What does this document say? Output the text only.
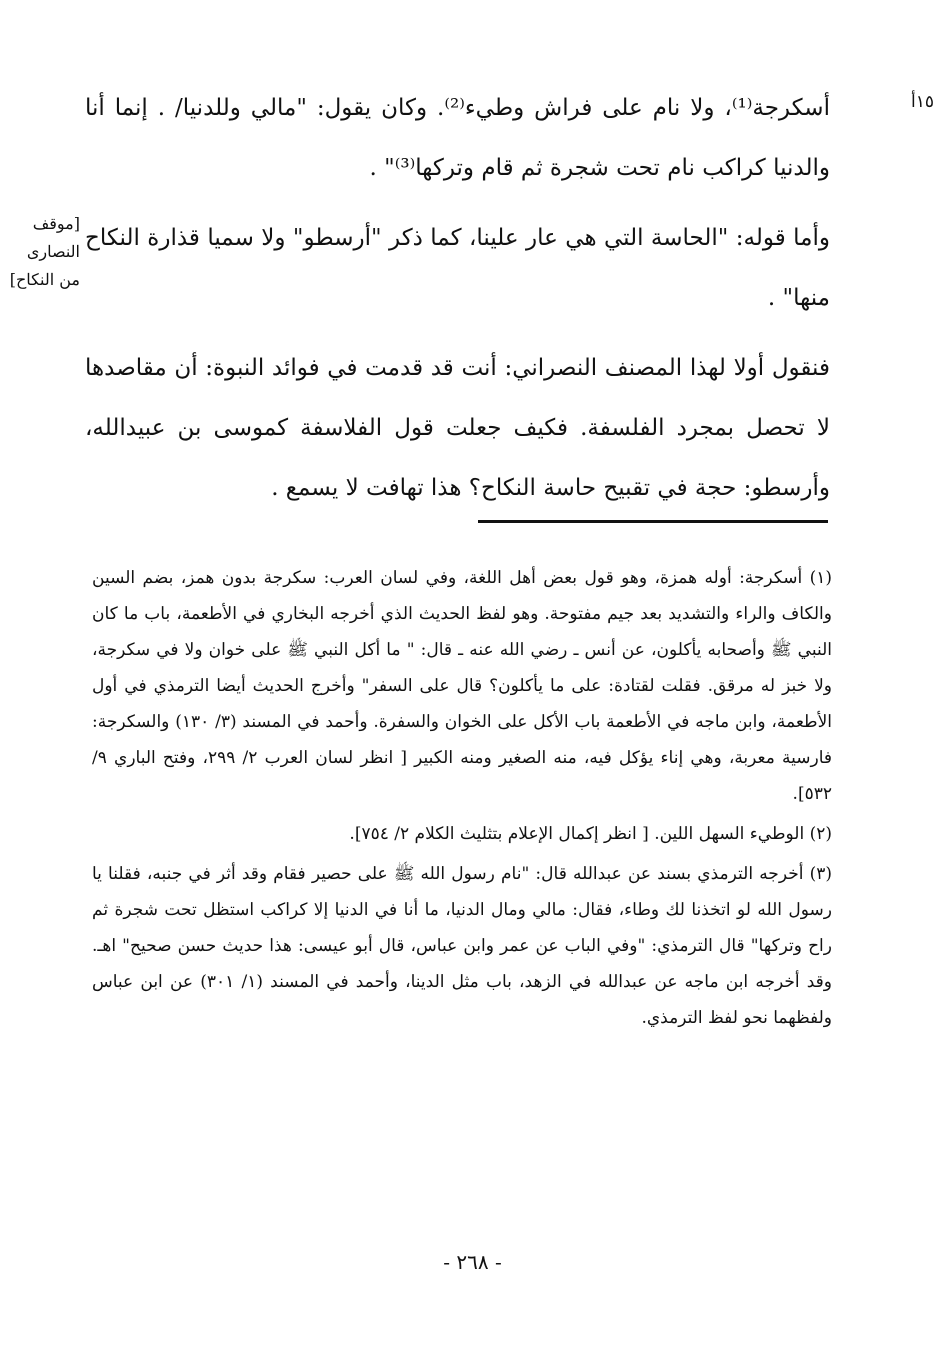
١٥أ
[موقف النصارى من النكاح]

أسكرجة⁽¹⁾، ولا نام على فراش وطيء⁽²⁾. وكان يقول: "مالي وللدنيا/ . إنما أنا والدنيا كراكب نام تحت شجرة ثم قام وتركها⁽³⁾" .

وأما قوله: "الحاسة التي هي عار علينا، كما ذكر "أرسطو" ولا سميا قذارة النكاح منها" .

فنقول أولا لهذا المصنف النصراني: أنت قد قدمت في فوائد النبوة: أن مقاصدها لا تحصل بمجرد الفلسفة. فكيف جعلت قول الفلاسفة كموسى بن عبيدالله، وأرسطو: حجة في تقبيح حاسة النكاح؟ هذا تهافت لا يسمع .

(١) أسكرجة: أوله همزة، وهو قول بعض أهل اللغة، وفي لسان العرب: سكرجة بدون همز، بضم السين والكاف والراء والتشديد بعد جيم مفتوحة. وهو لفظ الحديث الذي أخرجه البخاري في الأطعمة، باب ما كان النبي ﷺ وأصحابه يأكلون، عن أنس ـ رضي الله عنه ـ قال: " ما أكل النبي ﷺ على خوان ولا في سكرجة، ولا خبز له مرقق. فقلت لقتادة: على ما يأكلون؟ قال على السفر" وأخرج الحديث أيضا الترمذي في أول الأطعمة، وابن ماجه في الأطعمة باب الأكل على الخوان والسفرة. وأحمد في المسند (٣/ ١٣٠) والسكرجة: فارسية معربة، وهي إناء يؤكل فيه، منه الصغير ومنه الكبير [ انظر لسان العرب ٢/ ٢٩٩، وفتح الباري ٩/ ٥٣٢].

(٢) الوطيء السهل اللين. [ انظر إكمال الإعلام بتثليث الكلام ٢/ ٧٥٤].

(٣) أخرجه الترمذي بسند عن عبدالله قال: "نام رسول الله ﷺ على حصير فقام وقد أثر في جنبه، فقلنا يا رسول الله لو اتخذنا لك وطاء، فقال: مالي ومال الدنيا، ما أنا في الدنيا إلا كراكب استظل تحت شجرة ثم راح وتركها" قال الترمذي: "وفي الباب عن عمر وابن عباس، قال أبو عيسى: هذا حديث حسن صحيح" اهـ. وقد أخرجه ابن ماجه عن عبدالله في الزهد، باب مثل الدينا، وأحمد في المسند (١/ ٣٠١) عن ابن عباس ولفظهما نحو لفظ الترمذي.

- ٢٦٨ -
